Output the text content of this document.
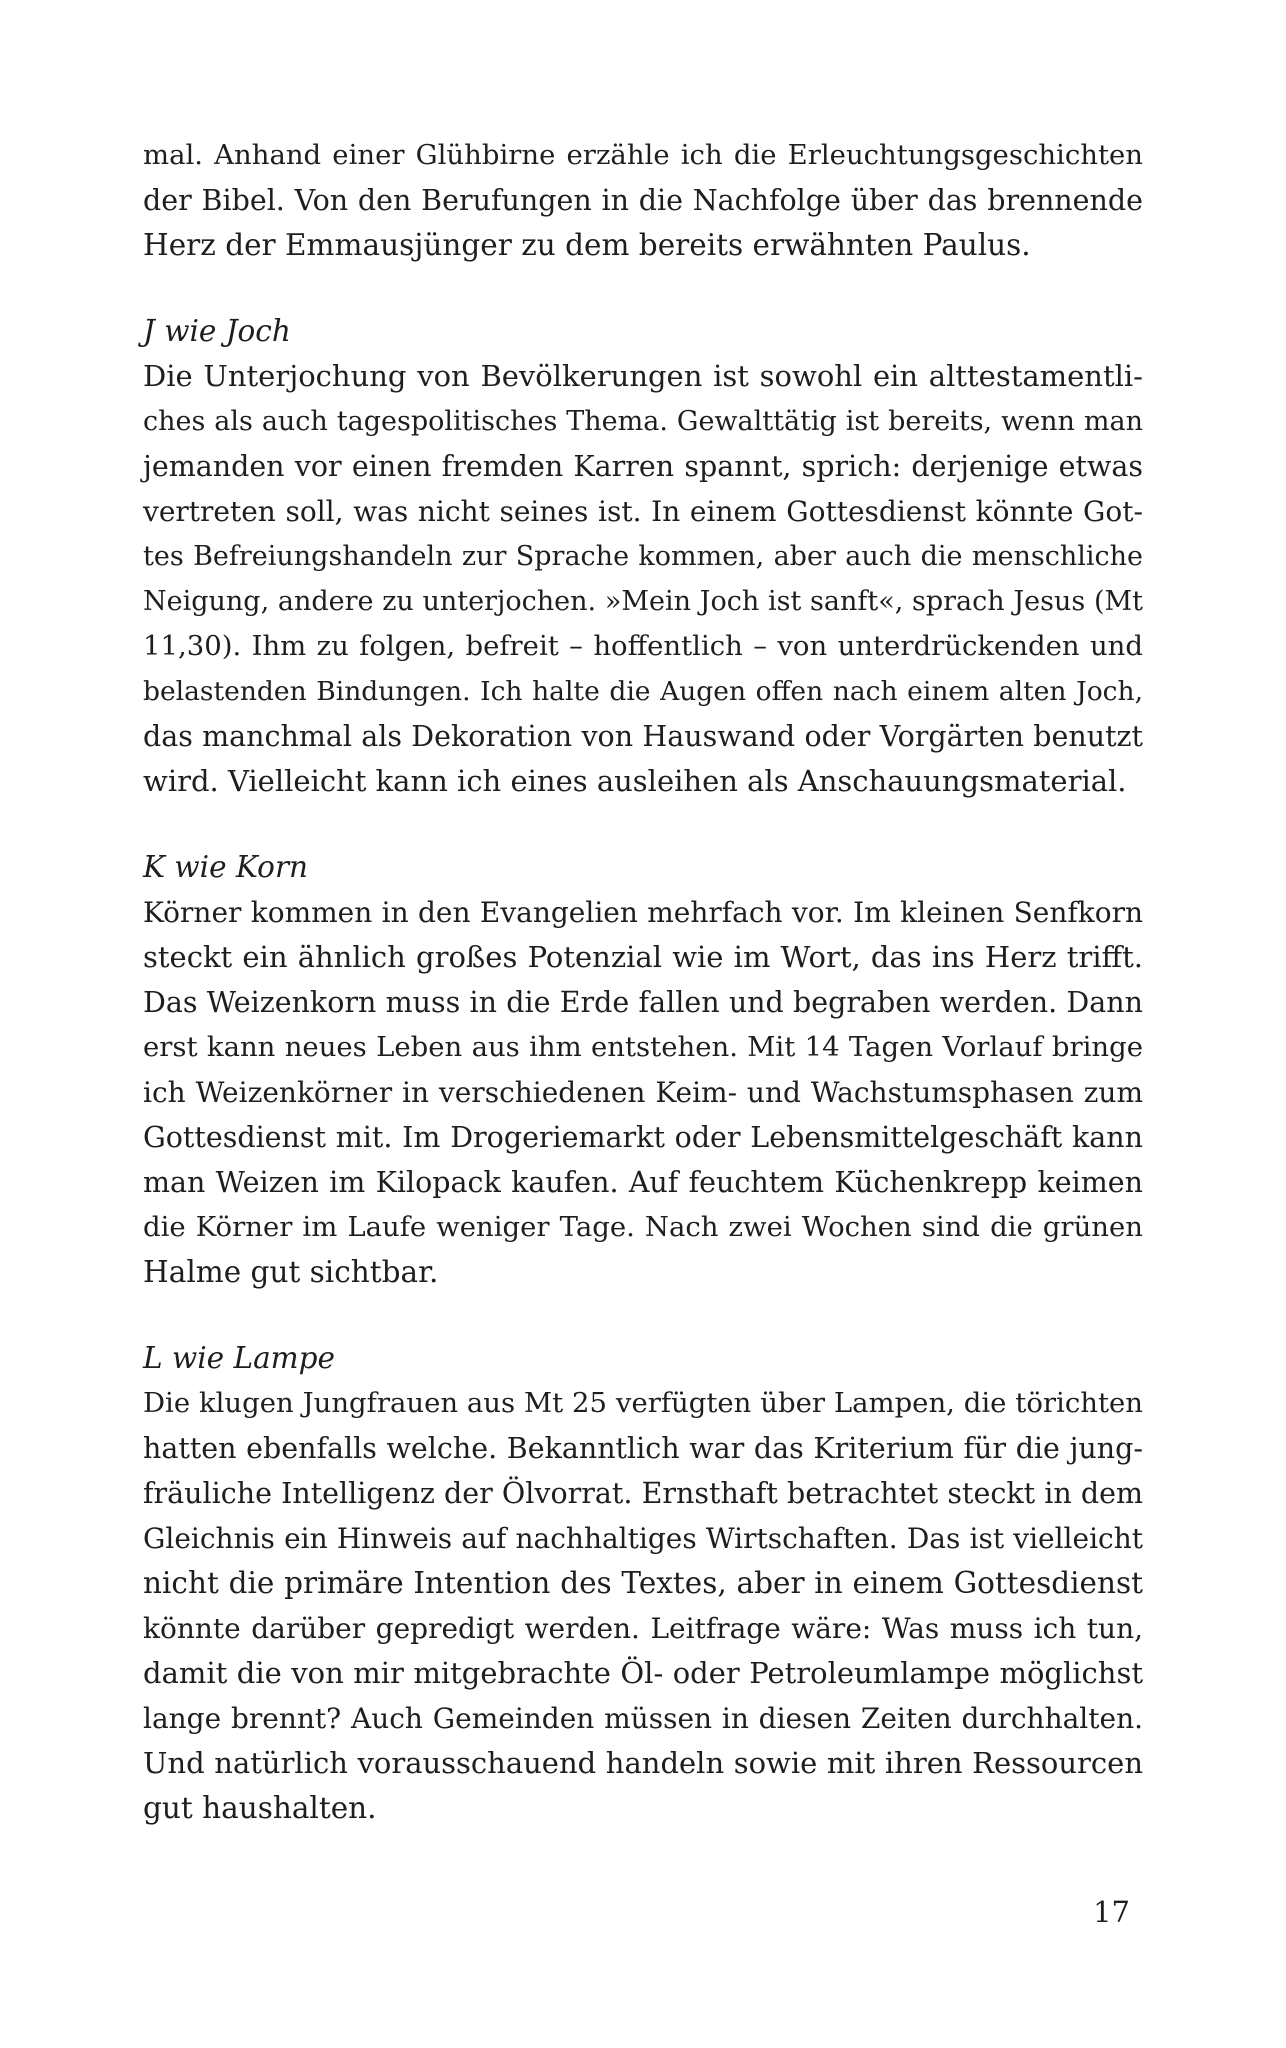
mal. Anhand einer Glühbirne erzähle ich die Erleuchtungsgeschichten
der Bibel. Von den Berufungen in die Nachfolge über das brennende
Herz der Emmausjünger zu dem bereits erwähnten Paulus.
J wie Joch
Die Unterjochung von Bevölkerungen ist sowohl ein alttestamentli-
ches als auch tagespolitisches Thema. Gewalttätig ist bereits, wenn man
jemanden vor einen fremden Karren spannt, sprich: derjenige etwas
vertreten soll, was nicht seines ist. In einem Gottesdienst könnte Got-
tes Befreiungshandeln zur Sprache kommen, aber auch die menschliche
Neigung, andere zu unterjochen. »Mein Joch ist sanft«, sprach Jesus (Mt
11,30). Ihm zu folgen, befreit – hoffentlich – von unterdrückenden und
belastenden Bindungen. Ich halte die Augen offen nach einem alten Joch,
das manchmal als Dekoration von Hauswand oder Vorgärten benutzt
wird. Vielleicht kann ich eines ausleihen als Anschauungsmaterial.
K wie Korn
Körner kommen in den Evangelien mehrfach vor. Im kleinen Senfkorn
steckt ein ähnlich großes Potenzial wie im Wort, das ins Herz trifft.
Das Weizenkorn muss in die Erde fallen und begraben werden. Dann
erst kann neues Leben aus ihm entstehen. Mit 14 Tagen Vorlauf bringe
ich Weizenkörner in verschiedenen Keim- und Wachstumsphasen zum
Gottesdienst mit. Im Drogeriemarkt oder Lebensmittelgeschäft kann
man Weizen im Kilopack kaufen. Auf feuchtem Küchenkrepp keimen
die Körner im Laufe weniger Tage. Nach zwei Wochen sind die grünen
Halme gut sichtbar.
L wie Lampe
Die klugen Jungfrauen aus Mt 25 verfügten über Lampen, die törichten
hatten ebenfalls welche. Bekanntlich war das Kriterium für die jung-
fräuliche Intelligenz der Ölvorrat. Ernsthaft betrachtet steckt in dem
Gleichnis ein Hinweis auf nachhaltiges Wirtschaften. Das ist vielleicht
nicht die primäre Intention des Textes, aber in einem Gottesdienst
könnte darüber gepredigt werden. Leitfrage wäre: Was muss ich tun,
damit die von mir mitgebrachte Öl- oder Petroleumlampe möglichst
lange brennt? Auch Gemeinden müssen in diesen Zeiten durchhalten.
Und natürlich vorausschauend handeln sowie mit ihren Ressourcen
gut haushalten.
17
